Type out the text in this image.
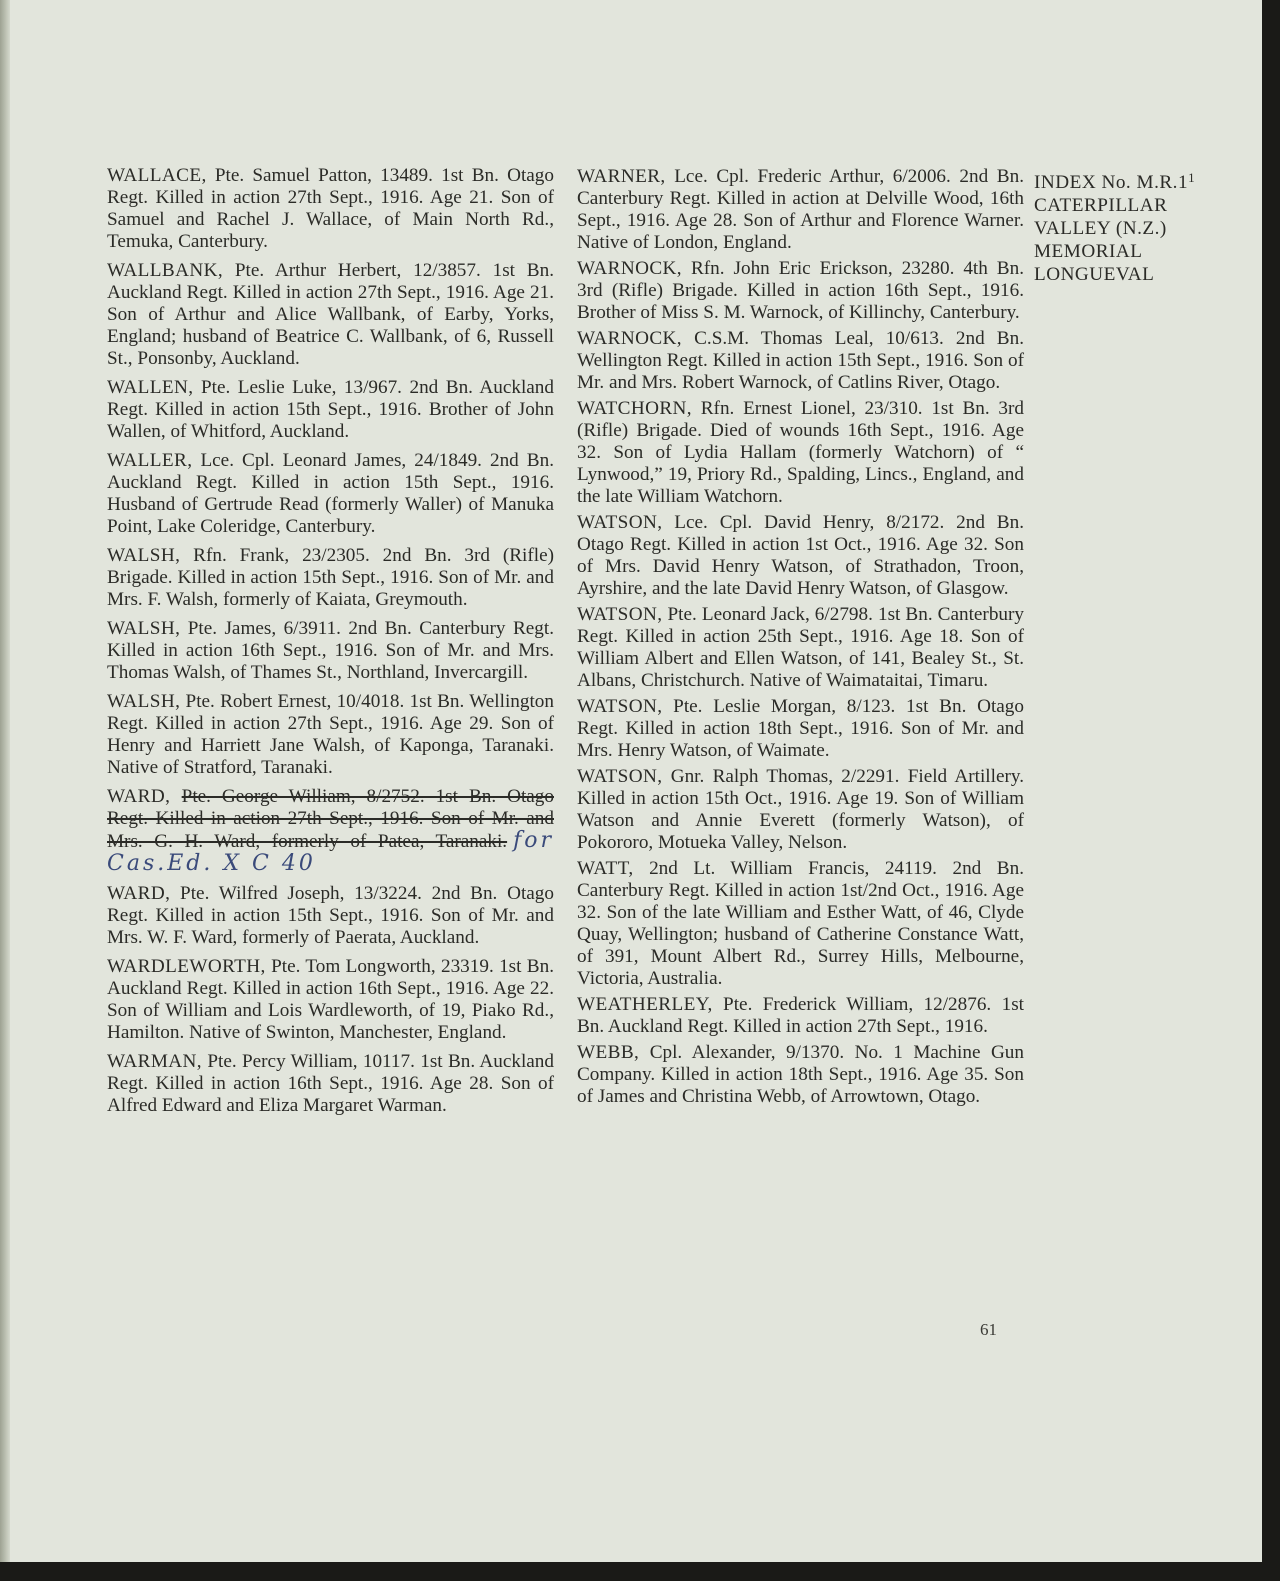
WALLACE, Pte. Samuel Patton, 13489. 1st Bn. Otago Regt. Killed in action 27th Sept., 1916. Age 21. Son of Samuel and Rachel J. Wallace, of Main North Rd., Temuka, Canterbury.

WALLBANK, Pte. Arthur Herbert, 12/3857. 1st Bn. Auckland Regt. Killed in action 27th Sept., 1916. Age 21. Son of Arthur and Alice Wallbank, of Earby, Yorks, England; husband of Beatrice C. Wallbank, of 6, Russell St., Ponsonby, Auckland.

WALLEN, Pte. Leslie Luke, 13/967. 2nd Bn. Auckland Regt. Killed in action 15th Sept., 1916. Brother of John Wallen, of Whitford, Auckland.

WALLER, Lce. Cpl. Leonard James, 24/1849. 2nd Bn. Auckland Regt. Killed in action 15th Sept., 1916. Husband of Gertrude Read (formerly Waller) of Manuka Point, Lake Coleridge, Canterbury.

WALSH, Rfn. Frank, 23/2305. 2nd Bn. 3rd (Rifle) Brigade. Killed in action 15th Sept., 1916. Son of Mr. and Mrs. F. Walsh, formerly of Kaiata, Greymouth.

WALSH, Pte. James, 6/3911. 2nd Bn. Canterbury Regt. Killed in action 16th Sept., 1916. Son of Mr. and Mrs. Thomas Walsh, of Thames St., Northland, Invercargill.

WALSH, Pte. Robert Ernest, 10/4018. 1st Bn. Wellington Regt. Killed in action 27th Sept., 1916. Age 29. Son of Henry and Harriett Jane Walsh, of Kaponga, Taranaki. Native of Stratford, Taranaki.

WARD, Pte. George William, 8/2752. 1st Bn. Otago Regt. Killed in action 27th Sept., 1916. Son of Mr. and Mrs. G. H. Ward, formerly of Patea, Taranaki. for Cas.Ed. X C 40

WARD, Pte. Wilfred Joseph, 13/3224. 2nd Bn. Otago Regt. Killed in action 15th Sept., 1916. Son of Mr. and Mrs. W. F. Ward, formerly of Paerata, Auckland.

WARDLEWORTH, Pte. Tom Longworth, 23319. 1st Bn. Auckland Regt. Killed in action 16th Sept., 1916. Age 22. Son of William and Lois Wardleworth, of 19, Piako Rd., Hamilton. Native of Swinton, Manchester, England.

WARMAN, Pte. Percy William, 10117. 1st Bn. Auckland Regt. Killed in action 16th Sept., 1916. Age 28. Son of Alfred Edward and Eliza Margaret Warman.

WARNER, Lce. Cpl. Frederic Arthur, 6/2006. 2nd Bn. Canterbury Regt. Killed in action at Delville Wood, 16th Sept., 1916. Age 28. Son of Arthur and Florence Warner. Native of London, England.

WARNOCK, Rfn. John Eric Erickson, 23280. 4th Bn. 3rd (Rifle) Brigade. Killed in action 16th Sept., 1916. Brother of Miss S. M. Warnock, of Killinchy, Canterbury.

WARNOCK, C.S.M. Thomas Leal, 10/613. 2nd Bn. Wellington Regt. Killed in action 15th Sept., 1916. Son of Mr. and Mrs. Robert Warnock, of Catlins River, Otago.

WATCHORN, Rfn. Ernest Lionel, 23/310. 1st Bn. 3rd (Rifle) Brigade. Died of wounds 16th Sept., 1916. Age 32. Son of Lydia Hallam (formerly Watchorn) of “ Lynwood,” 19, Priory Rd., Spalding, Lincs., England, and the late William Watchorn.

WATSON, Lce. Cpl. David Henry, 8/2172. 2nd Bn. Otago Regt. Killed in action 1st Oct., 1916. Age 32. Son of Mrs. David Henry Watson, of Strathadon, Troon, Ayrshire, and the late David Henry Watson, of Glasgow.

WATSON, Pte. Leonard Jack, 6/2798. 1st Bn. Canterbury Regt. Killed in action 25th Sept., 1916. Age 18. Son of William Albert and Ellen Watson, of 141, Bealey St., St. Albans, Christchurch. Native of Waimataitai, Timaru.

WATSON, Pte. Leslie Morgan, 8/123. 1st Bn. Otago Regt. Killed in action 18th Sept., 1916. Son of Mr. and Mrs. Henry Watson, of Waimate.

WATSON, Gnr. Ralph Thomas, 2/2291. Field Artillery. Killed in action 15th Oct., 1916. Age 19. Son of William Watson and Annie Everett (formerly Watson), of Pokororo, Motueka Valley, Nelson.

WATT, 2nd Lt. William Francis, 24119. 2nd Bn. Canterbury Regt. Killed in action 1st/2nd Oct., 1916. Age 32. Son of the late William and Esther Watt, of 46, Clyde Quay, Wellington; husband of Catherine Constance Watt, of 391, Mount Albert Rd., Surrey Hills, Melbourne, Victoria, Australia.

WEATHERLEY, Pte. Frederick William, 12/2876. 1st Bn. Auckland Regt. Killed in action 27th Sept., 1916.

WEBB, Cpl. Alexander, 9/1370. No. 1 Machine Gun Company. Killed in action 18th Sept., 1916. Age 35. Son of James and Christina Webb, of Arrowtown, Otago.

INDEX No. $M.R.1^1$
CATERPILLAR
VALLEY (N.Z.)
MEMORIAL
LONGUEVAL
61
